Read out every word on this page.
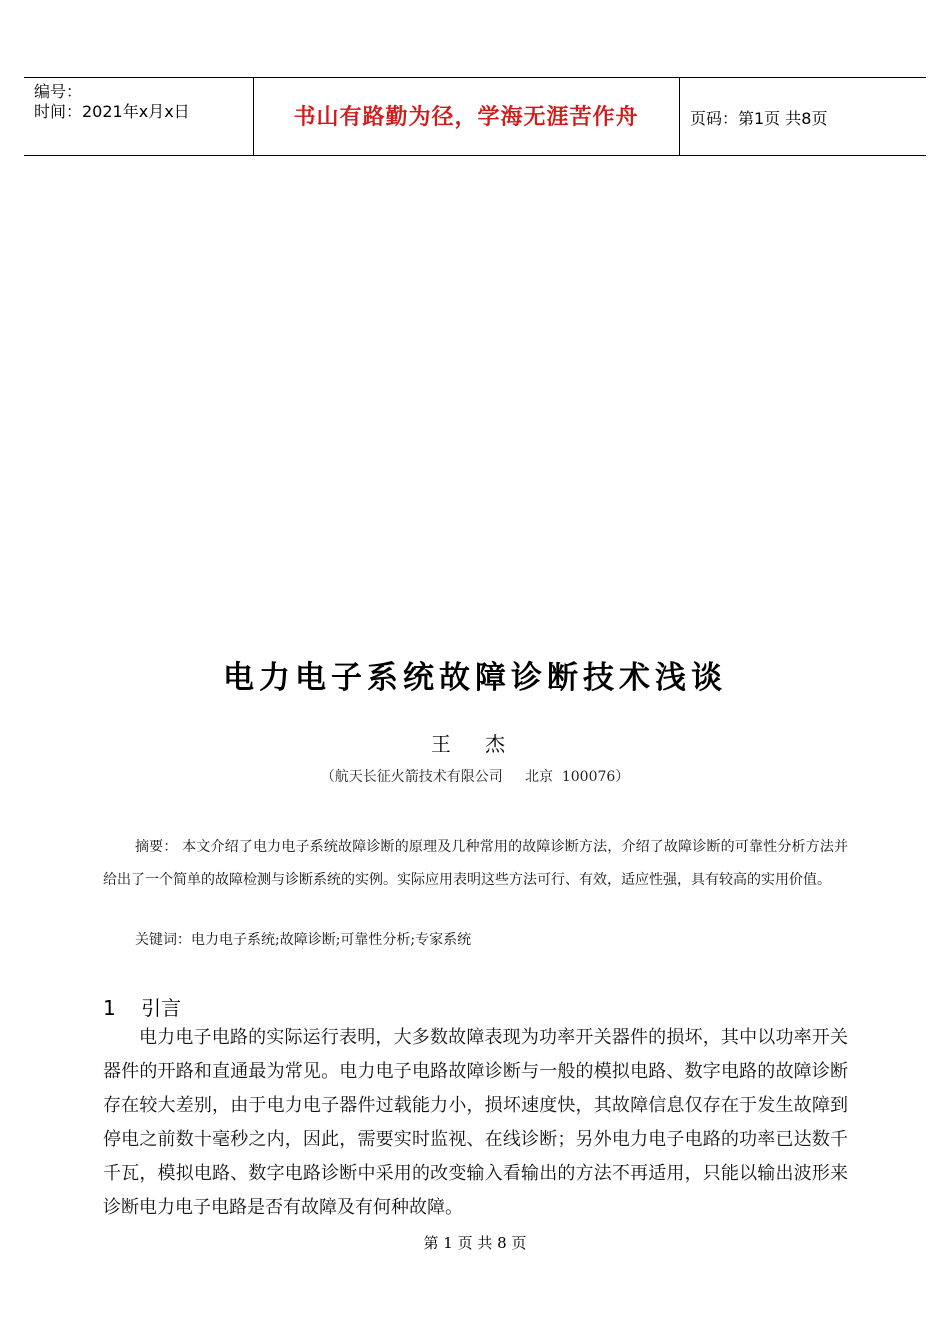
编号：
时间：2021年x月x日	书山有路勤为径，学海无涯苦作舟	页码：第1页 共8页
电力电子系统故障诊断技术浅谈
王 杰
（航天长征火箭技术有限公司     北京  100076）
摘要： 本文介绍了电力电子系统故障诊断的原理及几种常用的故障诊断方法，介绍了故障诊断的可靠性分析方法并给出了一个简单的故障检测与诊断系统的实例。实际应用表明这些方法可行、有效，适应性强，具有较高的实用价值。
关键词：电力电子系统;故障诊断;可靠性分析;专家系统
1    引言
电力电子电路的实际运行表明，大多数故障表现为功率开关器件的损坏，其中以功率开关器件的开路和直通最为常见。电力电子电路故障诊断与一般的模拟电路、数字电路的故障诊断存在较大差别，由于电力电子器件过载能力小，损坏速度快，其故障信息仅存在于发生故障到停电之前数十毫秒之内，因此，需要实时监视、在线诊断；另外电力电子电路的功率已达数千千瓦，模拟电路、数字电路诊断中采用的改变输入看输出的方法不再适用，只能以输出波形来诊断电力电子电路是否有故障及有何种故障。
第 1 页 共 8 页
